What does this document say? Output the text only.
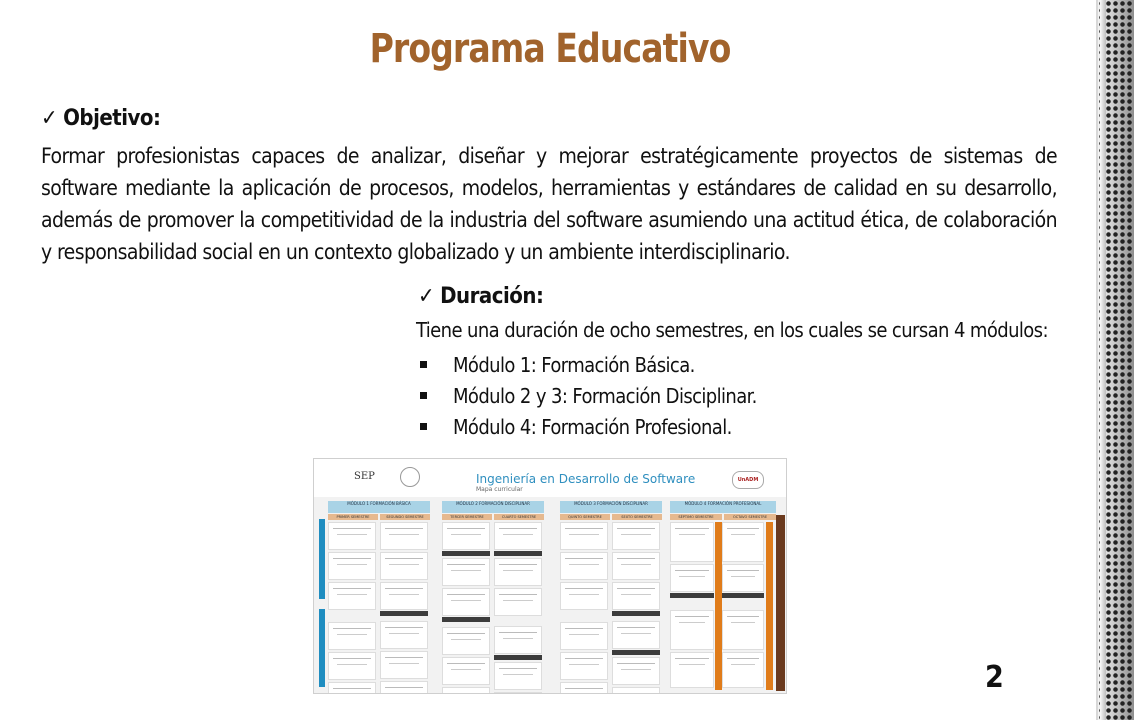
Programa Educativo
✓ Objetivo:
Formar profesionistas capaces de analizar, diseñar y mejorar estratégicamente proyectos de sistemas de software mediante la aplicación de procesos, modelos, herramientas y estándares de calidad en su desarrollo, además de promover la competitividad de la industria del software asumiendo una actitud ética, de colaboración y responsabilidad social en un contexto globalizado y un ambiente interdisciplinario.
✓ Duración:
Tiene una duración de ocho semestres, en los cuales se cursan 4 módulos:
Módulo 1: Formación Básica.
Módulo 2 y 3: Formación Disciplinar.
Módulo 4: Formación Profesional.
SEP	Ingeniería en Desarrollo de Software
Mapa curricular
UnADM
MÓDULO 1 FORMACIÓN BÁSICA
PRIMER SEMESTRE	SEGUNDO SEMESTRE
MÓDULO 2 FORMACIÓN DISCIPLINAR
TERCER SEMESTRE	CUARTO SEMESTRE
MÓDULO 3 FORMACIÓN DISCIPLINAR
QUINTO SEMESTRE	SEXTO SEMESTRE
MÓDULO 4 FORMACIÓN PROFESIONAL
SÉPTIMO SEMESTRE	OCTAVO SEMESTRE
2
